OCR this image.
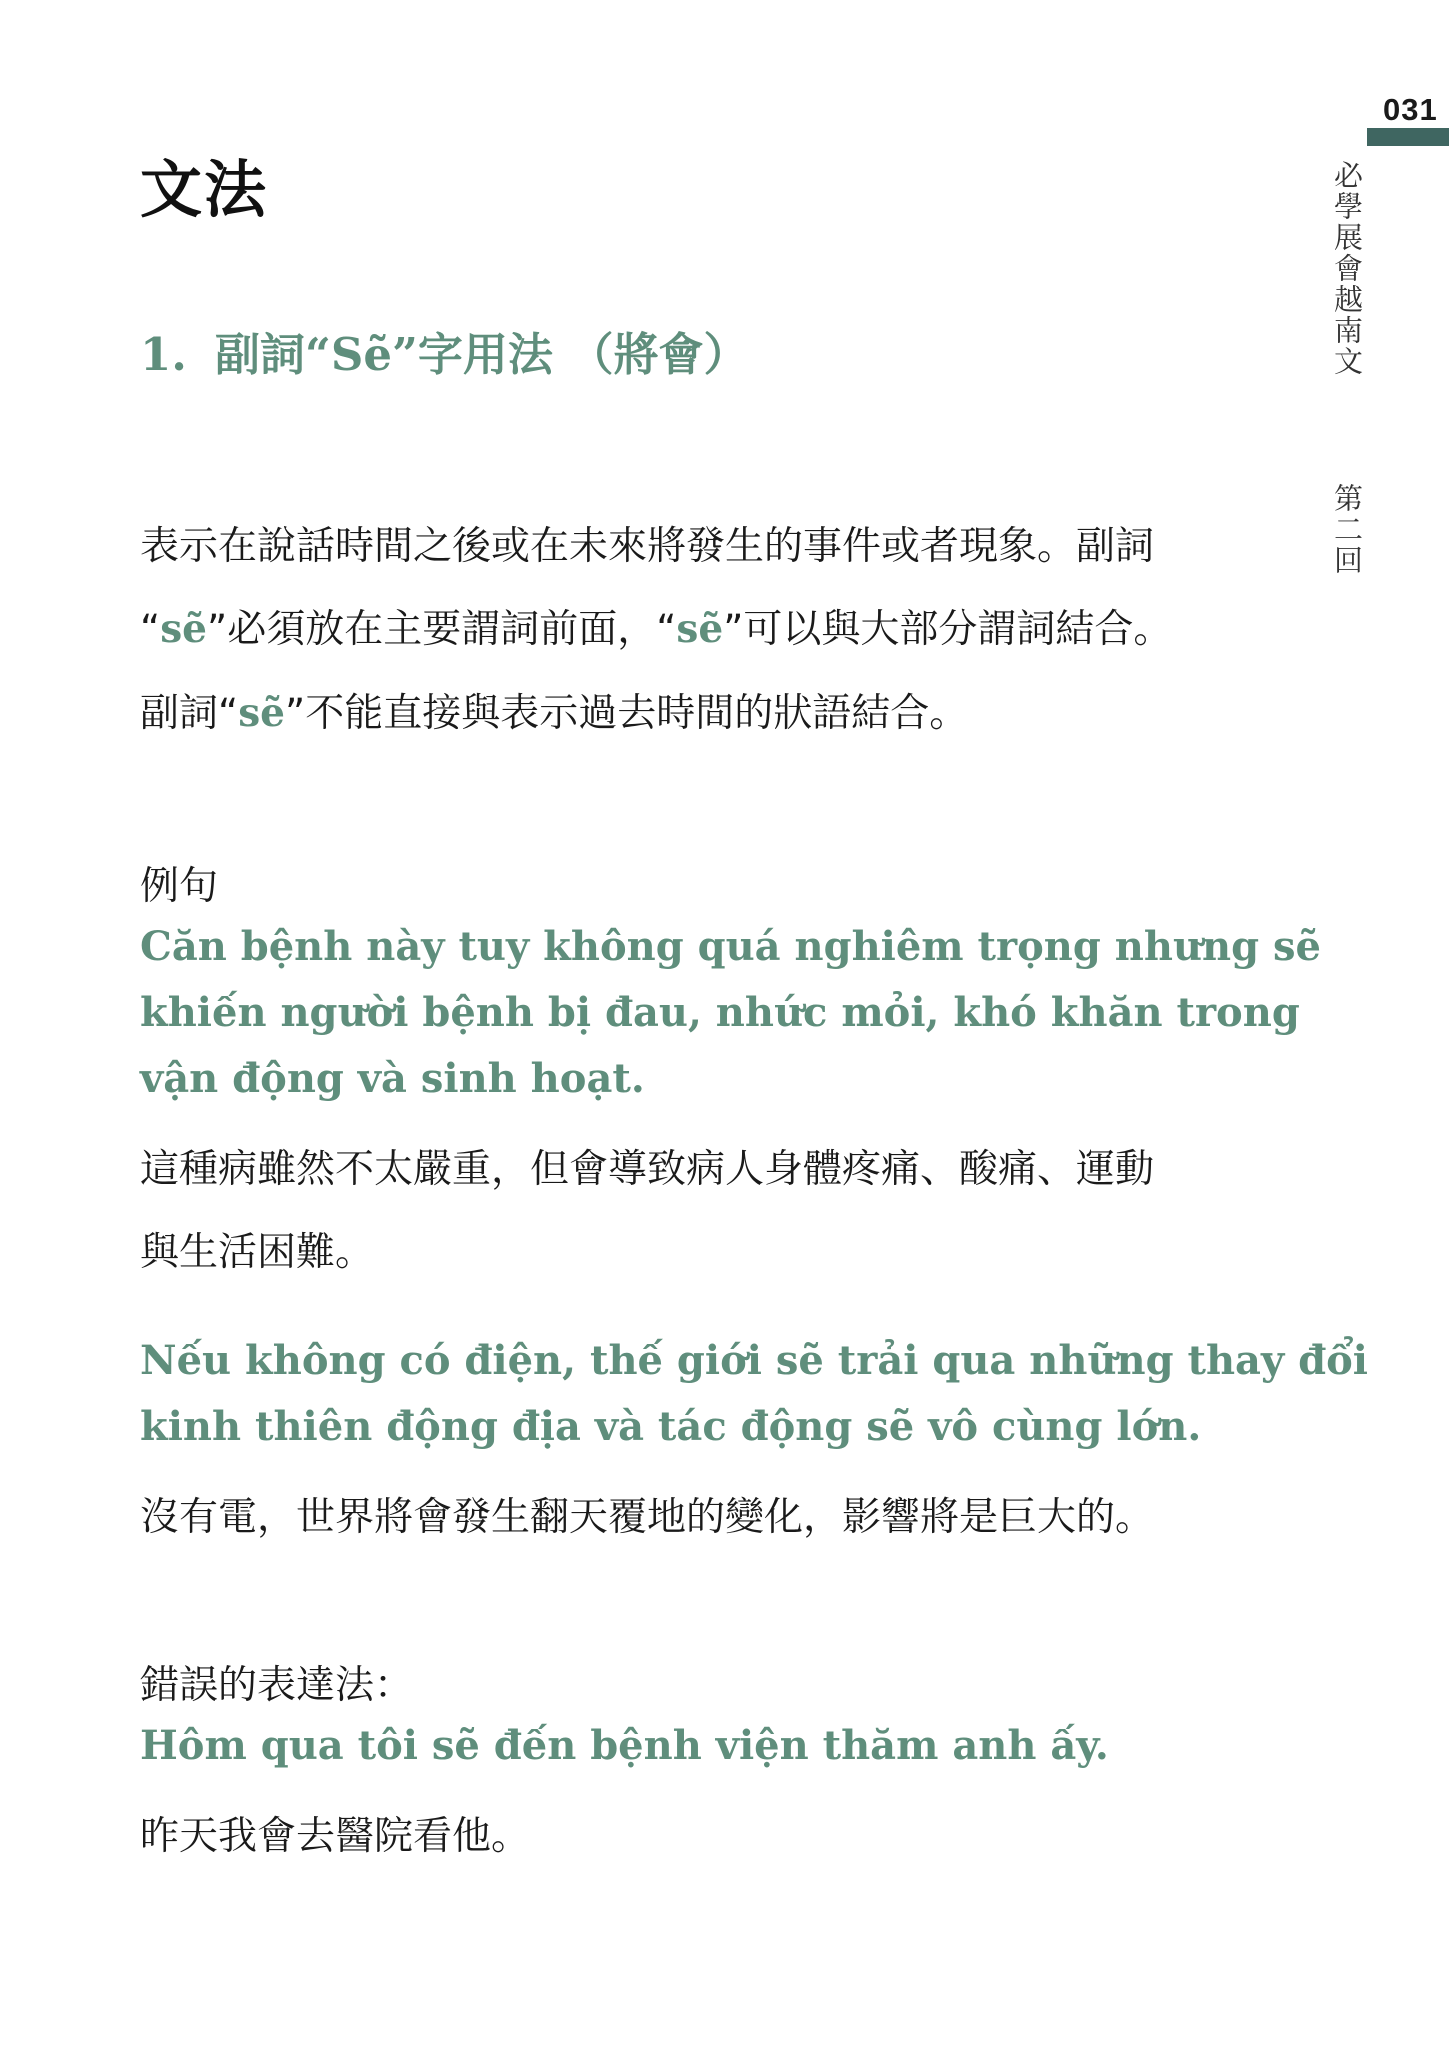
031
必學展會越南文
第二回
文法
1. 副詞“Sẽ”字用法 （將會）
表示在說話時間之後或在未來將發生的事件或者現象。副詞
“sẽ”必須放在主要謂詞前面，“sẽ”可以與大部分謂詞結合。
副詞“sẽ”不能直接與表示過去時間的狀語結合。
例句
Căn bệnh này tuy không quá nghiêm trọng nhưng sẽ
khiến người bệnh bị đau, nhức mỏi, khó khăn trong
vận động và sinh hoạt.
這種病雖然不太嚴重，但會導致病人身體疼痛、酸痛、運動
與生活困難。
Nếu không có điện, thế giới sẽ trải qua những thay đổi
kinh thiên động địa và tác động sẽ vô cùng lớn.
沒有電，世界將會發生翻天覆地的變化，影響將是巨大的。
錯誤的表達法：
Hôm qua tôi sẽ đến bệnh viện thăm anh ấy.
昨天我會去醫院看他。
